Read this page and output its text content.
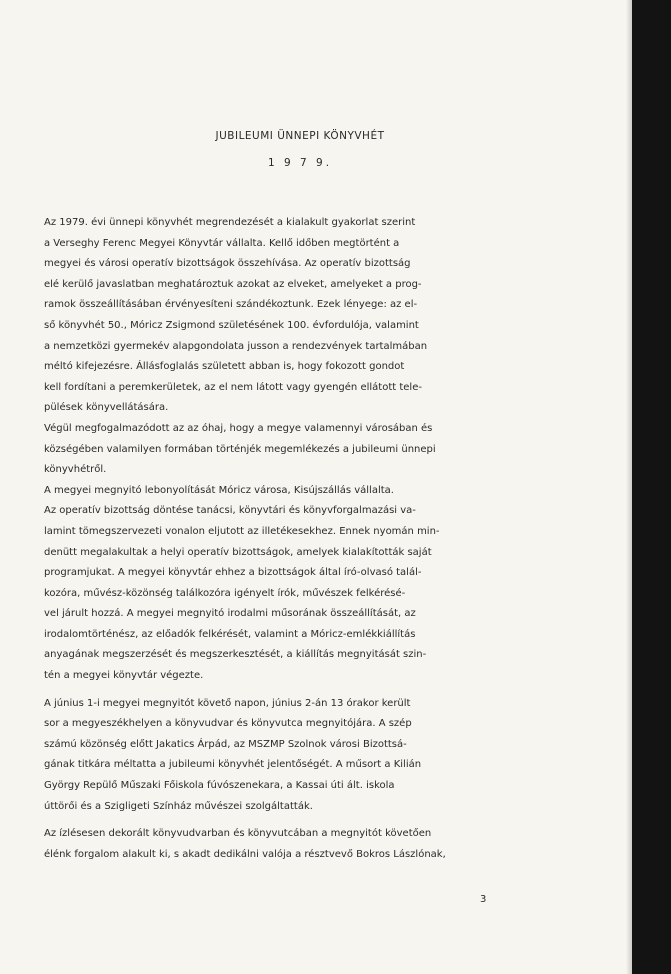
JUBILEUMI ÜNNEPI KÖNYVHÉT
1 9 7 9.
Az 1979. évi ünnepi könyvhét megrendezését a kialakult gyakorlat szerint
a Verseghy Ferenc Megyei Könyvtár vállalta. Kellő időben megtörtént a
megyei és városi operatív bizottságok összehívása. Az operatív bizottság
elé kerülő javaslatban meghatároztuk azokat az elveket, amelyeket a prog-
ramok összeállításában érvényesíteni szándékoztunk. Ezek lényege: az el-
ső könyvhét 50., Móricz Zsigmond születésének 100. évfordulója, valamint
a nemzetközi gyermekév alapgondolata jusson a rendezvények tartalmában
méltó kifejezésre. Állásfoglalás született abban is, hogy fokozott gondot
kell fordítani a peremkerületek, az el nem látott vagy gyengén ellátott tele-
pülések könyvellátására.
Végül megfogalmazódott az az óhaj, hogy a megye valamennyi városában és
községében valamilyen formában történjék megemlékezés a jubileumi ünnepi
könyvhétről.
A megyei megnyitó lebonyolítását Móricz városa, Kisújszállás vállalta.
Az operatív bizottság döntése tanácsi, könyvtári és könyvforgalmazási va-
lamint tömegszervezeti vonalon eljutott az illetékesekhez. Ennek nyomán min-
denütt megalakultak a helyi operatív bizottságok, amelyek kialakították saját
programjukat. A megyei könyvtár ehhez a bizottságok által író-olvasó talál-
kozóra, művész-közönség találkozóra igényelt írók, művészek felkérésé-
vel járult hozzá. A megyei megnyitó irodalmi műsorának összeállítását, az
irodalomtörténész, az előadók felkérését, valamint a Móricz-emlékkiállítás
anyagának megszerzését és megszerkesztését, a kiállítás megnyitását szin-
tén a megyei könyvtár végezte.
A június 1-i megyei megnyitót követő napon, június 2-án 13 órakor került
sor a megyeszékhelyen a könyvudvar és könyvutca megnyitójára. A szép
számú közönség előtt Jakatics Árpád, az MSZMP Szolnok városi Bizottsá-
gának titkára méltatta a jubileumi könyvhét jelentőségét. A műsort a Kilián
György Repülő Műszaki Főiskola fúvószenekara, a Kassai úti ált. iskola
úttörői és a Szigligeti Színház művészei szolgáltatták.
Az ízlésesen dekorált könyvudvarban és könyvutcában a megnyitót követően
élénk forgalom alakult ki, s akadt dedikálni valója a résztvevő Bokros Lászlónak,
3
